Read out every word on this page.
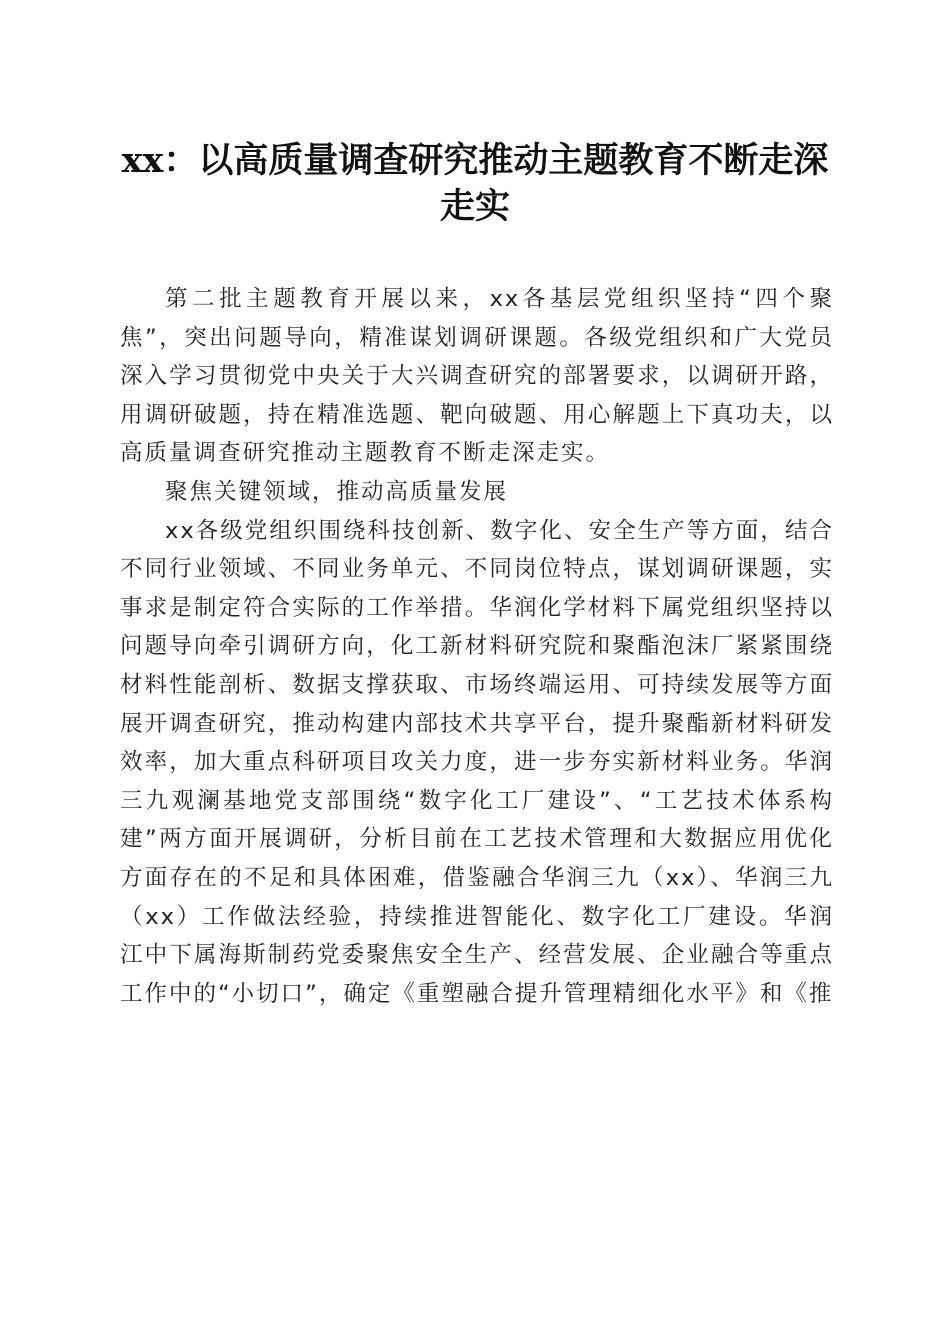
xx：以高质量调查研究推动主题教育不断走深
走实

第二批主题教育开展以来，xx各基层党组织坚持“四个聚焦”，突出问题导向，精准谋划调研课题。各级党组织和广大党员深入学习贯彻党中央关于大兴调查研究的部署要求，以调研开路，用调研破题，持在精准选题、靶向破题、用心解题上下真功夫，以高质量调查研究推动主题教育不断走深走实。

聚焦关键领域，推动高质量发展

xx各级党组织围绕科技创新、数字化、安全生产等方面，结合不同行业领域、不同业务单元、不同岗位特点，谋划调研课题，实事求是制定符合实际的工作举措。华润化学材料下属党组织坚持以问题导向牵引调研方向，化工新材料研究院和聚酯泡沫厂紧紧围绕材料性能剖析、数据支撑获取、市场终端运用、可持续发展等方面展开调查研究，推动构建内部技术共享平台，提升聚酯新材料研发效率，加大重点科研项目攻关力度，进一步夯实新材料业务。华润三九观澜基地党支部围绕“数字化工厂建设”、“工艺技术体系构建”两方面开展调研，分析目前在工艺技术管理和大数据应用优化方面存在的不足和具体困难，借鉴融合华润三九（xx）、华润三九（xx）工作做法经验，持续推进智能化、数字化工厂建设。华润江中下属海斯制药党委聚焦安全生产、经营发展、企业融合等重点工作中的“小切口”，确定《重塑融合提升管理精细化水平》和《推
